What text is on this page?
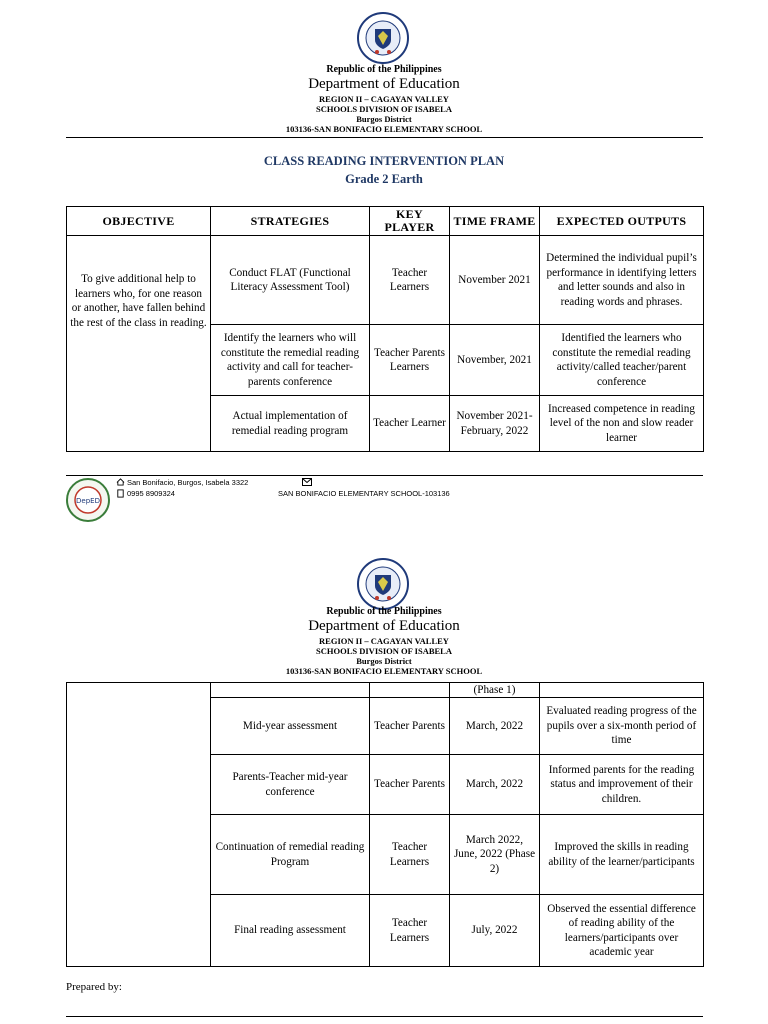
Republic of the Philippines
Department of Education
REGION II – CAGAYAN VALLEY
SCHOOLS DIVISION OF ISABELA
Burgos District
103136-SAN BONIFACIO ELEMENTARY SCHOOL
CLASS READING INTERVENTION PLAN
Grade 2 Earth
OBJECTIVE	STRATEGIES	KEY PLAYER	TIME FRAME	EXPECTED OUTPUTS
To give additional help to learners who, for one reason or another, have fallen behind the rest of the class in reading.	Conduct FLAT (Functional Literacy Assessment Tool)	Teacher Learners	November 2021	Determined the individual pupil’s performance in identifying letters and letter sounds and also in reading words and phrases.
	Identify the learners who will constitute the remedial reading activity and call for teacher-parents conference	Teacher Parents Learners	November, 2021	Identified the learners who constitute the remedial reading activity/called teacher/parent conference
	Actual implementation of remedial reading program	Teacher Learner	November 2021- February, 2022	Increased competence in reading level of the non and slow reader learner
DepED
San Bonifacio, Burgos, Isabela 3322
0995 8909324	SAN BONIFACIO ELEMENTARY SCHOOL-103136
Republic of the Philippines
Department of Education
REGION II – CAGAYAN VALLEY
SCHOOLS DIVISION OF ISABELA
Burgos District
103136-SAN BONIFACIO ELEMENTARY SCHOOL
			(Phase 1)	
	Mid-year assessment	Teacher Parents	March, 2022	Evaluated reading progress of the pupils over a six-month period of time
	Parents-Teacher mid-year conference	Teacher Parents	March, 2022	Informed parents for the reading status and improvement of their children.
	Continuation of remedial reading Program	Teacher Learners	March 2022, June, 2022 (Phase 2)	Improved the skills in reading ability of the learner/participants
	Final reading assessment	Teacher Learners	July, 2022	Observed the essential difference of reading ability of the learners/participants over academic year
Prepared by:
